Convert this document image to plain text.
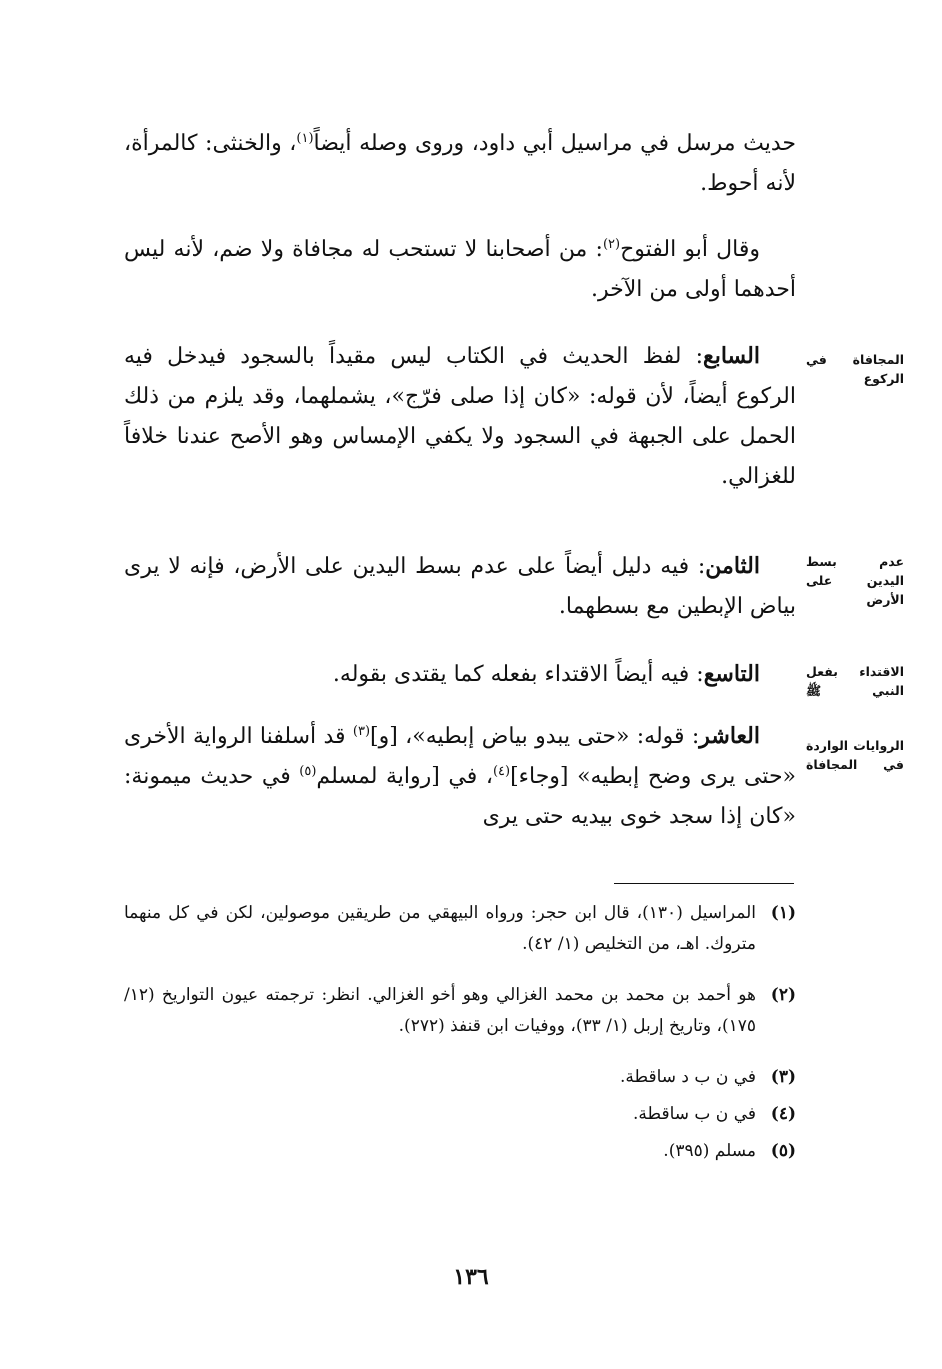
حديث مرسل في مراسيل أبي داود، وروى وصله أيضاً$^{(١)}$، والخنثى: كالمرأة، لأنه أحوط.
وقال أبو الفتوح$^{(٢)}$: من أصحابنا لا تستحب له مجافاة ولا ضم، لأنه ليس أحدهما أولى من الآخر.
السابع: لفظ الحديث في الكتاب ليس مقيداً بالسجود فيدخل فيه الركوع أيضاً، لأن قوله: «كان إذا صلى فرّج»، يشملهما، وقد يلزم من ذلك الحمل على الجبهة في السجود ولا يكفي الإمساس وهو الأصح عندنا خلافاً للغزالي.
الثامن: فيه دليل أيضاً على عدم بسط اليدين على الأرض، فإنه لا يرى بياض الإبطين مع بسطهما.
التاسع: فيه أيضاً الاقتداء بفعله كما يقتدى بقوله.
العاشر: قوله: «حتى يبدو بياض إبطيه»، [و]$^{(٣)}$ قد أسلفنا الرواية الأخرى «حتى يرى وضح إبطيه» [وجاء]$^{(٤)}$، في [رواية لمسلم$^{(٥)}$ في حديث ميمونة: «كان إذا سجد خوى بيديه حتى يرى
المجافاة في الركوع
عدم بسط اليدين على الأرض
الاقتداء بفعل النبي ﷺ
الروايات الواردة في المجافاة
(١)
المراسيل (١٣٠)، قال ابن حجر: ورواه البيهقي من طريقين موصولين، لكن في كل منهما متروك. اهـ، من التخليص (١/ ٤٢).
(٢)
هو أحمد بن محمد بن محمد الغزالي وهو أخو الغزالي. انظر: ترجمته عيون التواريخ (١٢/ ١٧٥)، وتاريخ إربل (١/ ٣٣)، ووفيات ابن قنفذ (٢٧٢).
(٣)
في ن ب د ساقطة.
(٤)
في ن ب ساقطة.
(٥)
مسلم (٣٩٥).
١٣٦
